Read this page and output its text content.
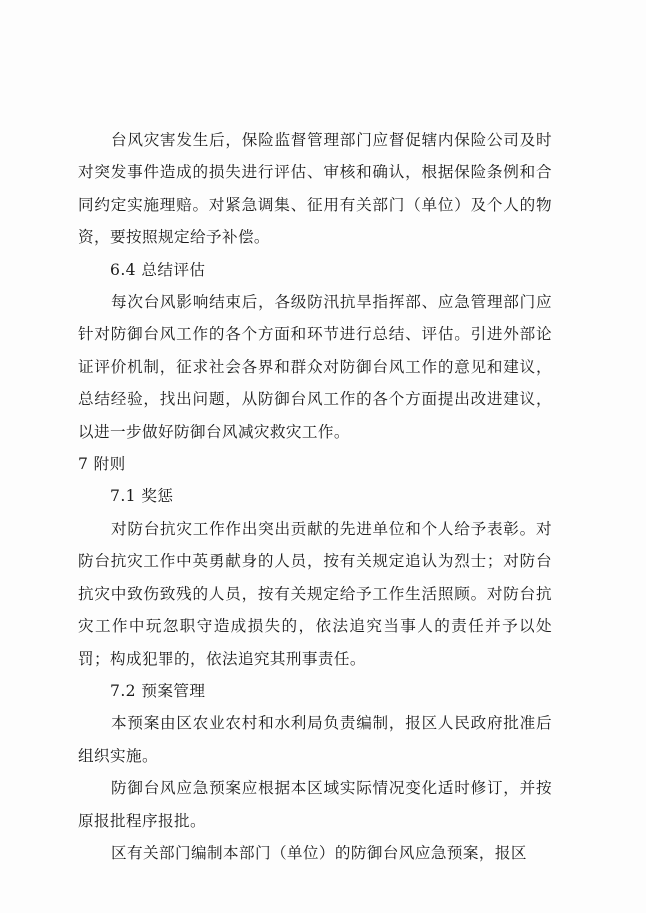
台风灾害发生后，保险监督管理部门应督促辖内保险公司及时对突发事件造成的损失进行评估、审核和确认，根据保险条例和合同约定实施理赔。对紧急调集、征用有关部门（单位）及个人的物资，要按照规定给予补偿。

6.4 总结评估

每次台风影响结束后，各级防汛抗旱指挥部、应急管理部门应针对防御台风工作的各个方面和环节进行总结、评估。引进外部论证评价机制，征求社会各界和群众对防御台风工作的意见和建议，总结经验，找出问题，从防御台风工作的各个方面提出改进建议，以进一步做好防御台风减灾救灾工作。

7 附则

7.1 奖惩

对防台抗灾工作作出突出贡献的先进单位和个人给予表彰。对防台抗灾工作中英勇献身的人员，按有关规定追认为烈士；对防台抗灾中致伤致残的人员，按有关规定给予工作生活照顾。对防台抗灾工作中玩忽职守造成损失的，依法追究当事人的责任并予以处罚；构成犯罪的，依法追究其刑事责任。

7.2 预案管理

本预案由区农业农村和水利局负责编制，报区人民政府批准后组织实施。

防御台风应急预案应根据本区域实际情况变化适时修订，并按原报批程序报批。

区有关部门编制本部门（单位）的防御台风应急预案，报区
